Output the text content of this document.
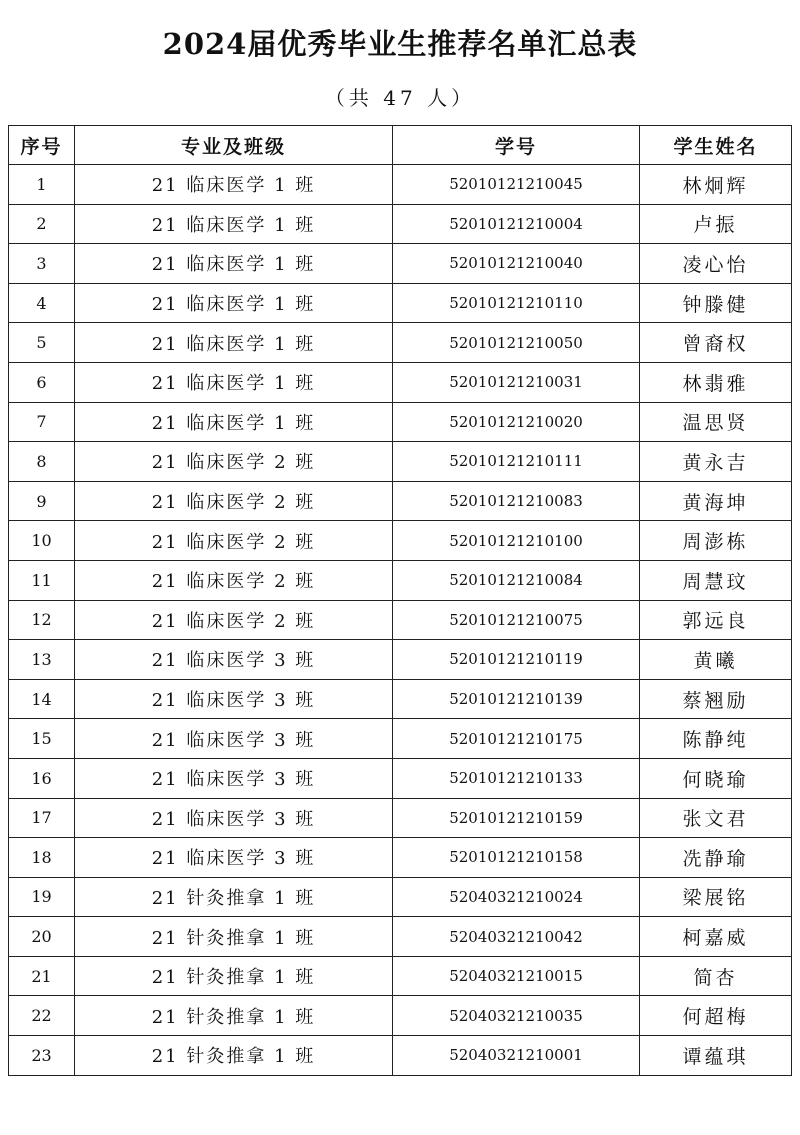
2024届优秀毕业生推荐名单汇总表
（共 47 人）
序号	专业及班级	学号	学生姓名
1	21 临床医学 1 班	52010121210045	林炯辉
2	21 临床医学 1 班	52010121210004	卢振
3	21 临床医学 1 班	52010121210040	凌心怡
4	21 临床医学 1 班	52010121210110	钟滕健
5	21 临床医学 1 班	52010121210050	曾裔权
6	21 临床医学 1 班	52010121210031	林翡雅
7	21 临床医学 1 班	52010121210020	温思贤
8	21 临床医学 2 班	52010121210111	黄永吉
9	21 临床医学 2 班	52010121210083	黄海坤
10	21 临床医学 2 班	52010121210100	周澎栋
11	21 临床医学 2 班	52010121210084	周慧玟
12	21 临床医学 2 班	52010121210075	郭远良
13	21 临床医学 3 班	52010121210119	黄曦
14	21 临床医学 3 班	52010121210139	蔡翘励
15	21 临床医学 3 班	52010121210175	陈静纯
16	21 临床医学 3 班	52010121210133	何晓瑜
17	21 临床医学 3 班	52010121210159	张文君
18	21 临床医学 3 班	52010121210158	冼静瑜
19	21 针灸推拿 1 班	52040321210024	梁展铭
20	21 针灸推拿 1 班	52040321210042	柯嘉威
21	21 针灸推拿 1 班	52040321210015	简杏
22	21 针灸推拿 1 班	52040321210035	何超梅
23	21 针灸推拿 1 班	52040321210001	谭蕴琪
